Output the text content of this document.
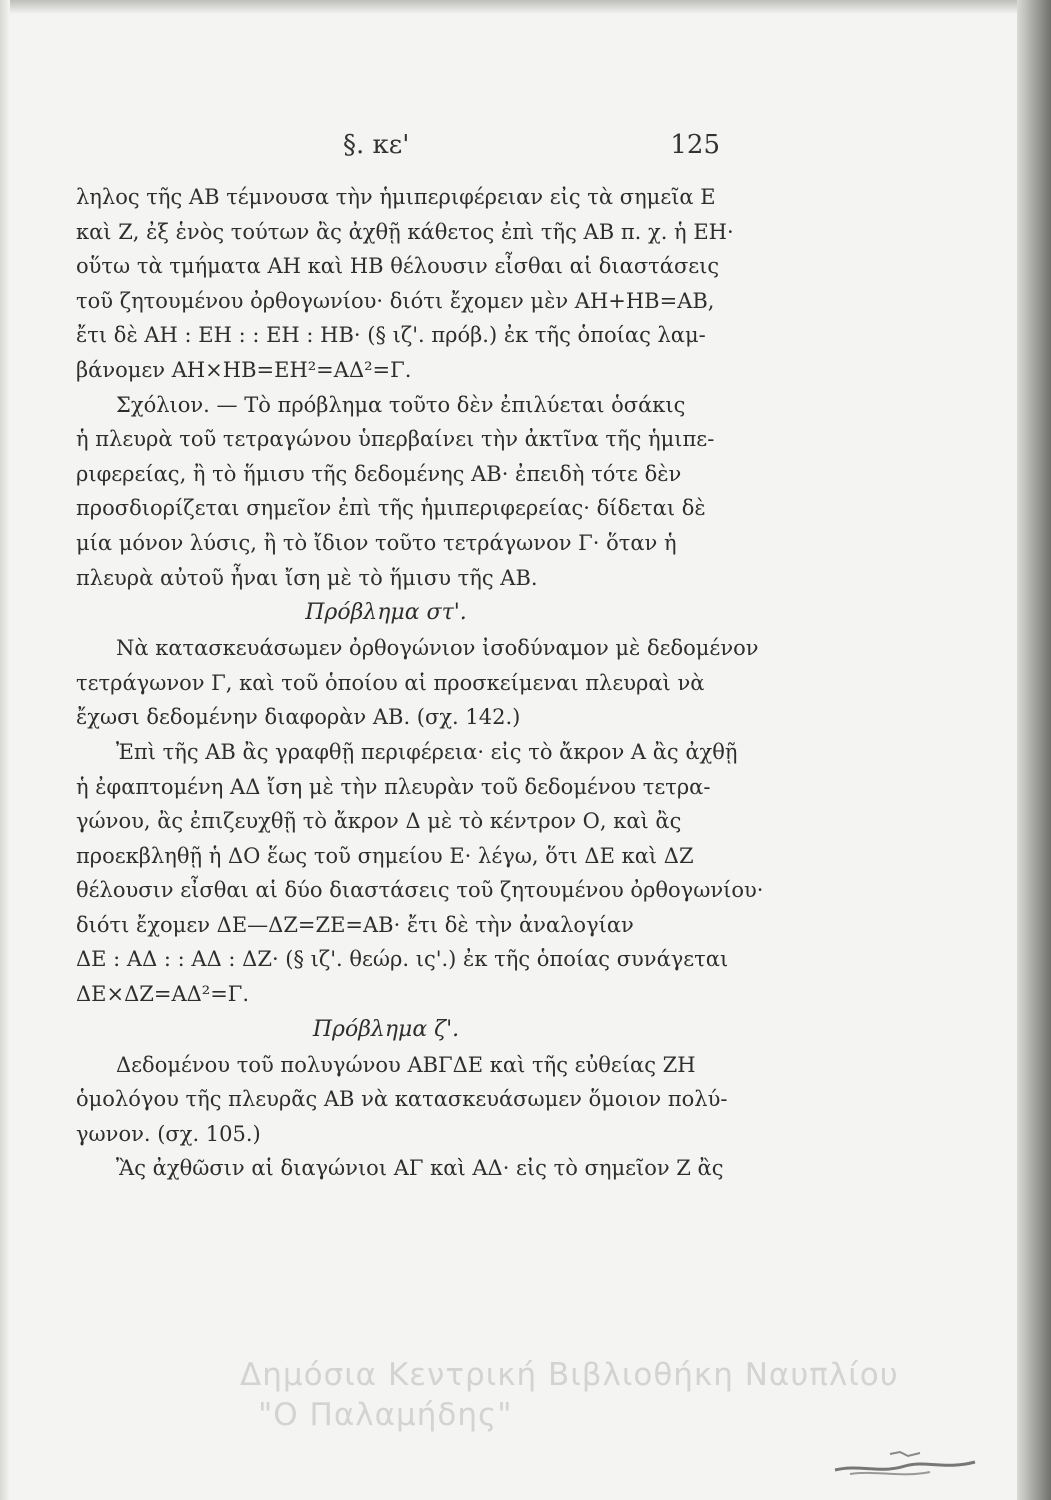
§. κε'	125
ληλος τῆς ΑΒ τέμνουσα τὴν ἡμιπεριφέρειαν εἰς τὰ σημεῖα Ε
καὶ Ζ, ἐξ ἑνὸς τούτων ἂς ἀχθῇ κάθετος ἐπὶ τῆς ΑΒ π. χ. ἡ ΕΗ·
οὕτω τὰ τμήματα ΑΗ καὶ ΗΒ θέλουσιν εἶσθαι αἱ διαστάσεις
τοῦ ζητουμένου ὀρθογωνίου· διότι ἔχομεν μὲν ΑΗ+ΗΒ=ΑΒ,
ἔτι δὲ ΑΗ : ΕΗ : : ΕΗ : ΗΒ· (§ ιζ'. πρόβ.) ἐκ τῆς ὁποίας λαμ-
βάνομεν ΑΗ×ΗΒ=ΕΗ²=ΑΔ²=Γ.
Σχόλιον. — Τὸ πρόβλημα τοῦτο δὲν ἐπιλύεται ὁσάκις
ἡ πλευρὰ τοῦ τετραγώνου ὑπερβαίνει τὴν ἀκτῖνα τῆς ἡμιπε-
ριφερείας, ἢ τὸ ἥμισυ τῆς δεδομένης ΑΒ· ἐπειδὴ τότε δὲν
προσδιορίζεται σημεῖον ἐπὶ τῆς ἡμιπεριφερείας· δίδεται δὲ
μία μόνον λύσις, ἢ τὸ ἴδιον τοῦτο τετράγωνον Γ· ὅταν ἡ
πλευρὰ αὐτοῦ ἦναι ἴση μὲ τὸ ἥμισυ τῆς ΑΒ.
Πρόβλημα στ'.
Νὰ κατασκευάσωμεν ὀρθογώνιον ἰσοδύναμον μὲ δεδομένον
τετράγωνον Γ, καὶ τοῦ ὁποίου αἱ προσκείμεναι πλευραὶ νὰ
ἔχωσι δεδομένην διαφορὰν ΑΒ. (σχ. 142.)
Ἐπὶ τῆς ΑΒ ἂς γραφθῇ περιφέρεια· εἰς τὸ ἄκρον Α ἂς ἀχθῇ
ἡ ἐφαπτομένη ΑΔ ἴση μὲ τὴν πλευρὰν τοῦ δεδομένου τετρα-
γώνου, ἂς ἐπιζευχθῇ τὸ ἄκρον Δ μὲ τὸ κέντρον Ο, καὶ ἂς
προεκβληθῇ ἡ ΔΟ ἕως τοῦ σημείου Ε· λέγω, ὅτι ΔΕ καὶ ΔΖ
θέλουσιν εἶσθαι αἱ δύο διαστάσεις τοῦ ζητουμένου ὀρθογωνίου·
διότι ἔχομεν ΔΕ—ΔΖ=ΖΕ=ΑΒ· ἔτι δὲ τὴν ἀναλογίαν
ΔΕ : ΑΔ : : ΑΔ : ΔΖ· (§ ιζ'. θεώρ. ις'.) ἐκ τῆς ὁποίας συνάγεται
ΔΕ×ΔΖ=ΑΔ²=Γ.
Πρόβλημα ζ'.
Δεδομένου τοῦ πολυγώνου ΑΒΓΔΕ καὶ τῆς εὐθείας ΖΗ
ὁμολόγου τῆς πλευρᾶς ΑΒ νὰ κατασκευάσωμεν ὅμοιον πολύ-
γωνον. (σχ. 105.)
Ἂς ἀχθῶσιν αἱ διαγώνιοι ΑΓ καὶ ΑΔ· εἰς τὸ σημεῖον Ζ ἂς
Δημόσια Κεντρική Βιβλιοθήκη Ναυπλίου
"Ο Παλαμήδης"
